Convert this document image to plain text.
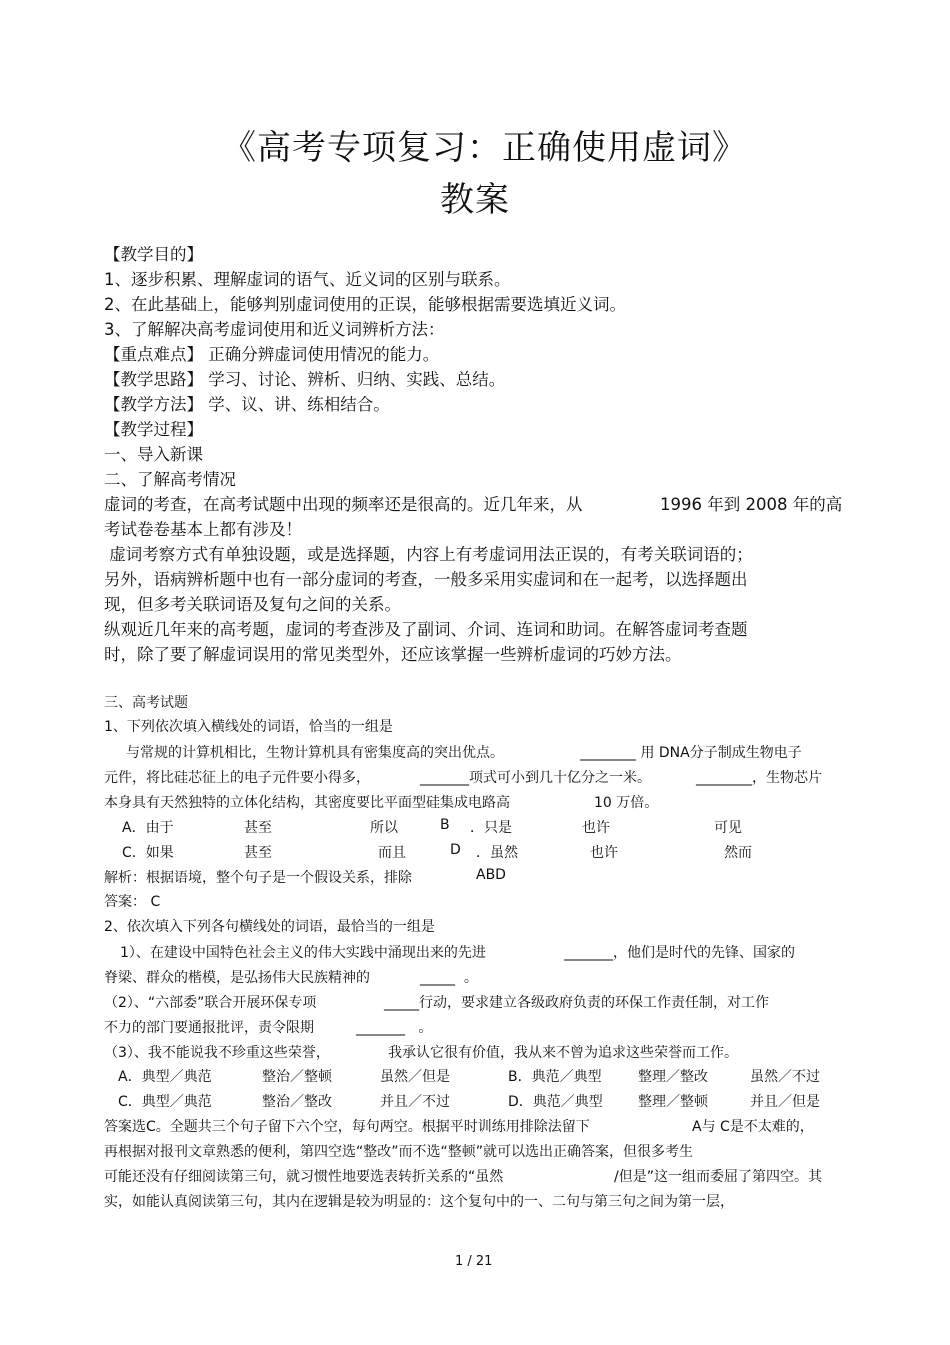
《高考专项复习：正确使用虚词》
教案
【教学目的】
1、逐步积累、理解虚词的语气、近义词的区别与联系。
2、在此基础上，能够判别虚词使用的正误，能够根据需要选填近义词。
3、了解解决高考虚词使用和近义词辨析方法：
【重点难点】 正确分辨虚词使用情况的能力。
【教学思路】 学习、讨论、辨析、归纳、实践、总结。
【教学方法】 学、议、讲、练相结合。
【教学过程】
一、导入新课
二、了解高考情况
虚词的考查，在高考试题中出现的频率还是很高的。近几年来，从	1996 年到 2008 年的高
考试卷卷基本上都有涉及！
虚词考察方式有单独设题，或是选择题，内容上有考虚词用法正误的，有考关联词语的；
另外，语病辨析题中也有一部分虚词的考查，一般多采用实虚词和在一起考，以选择题出
现，但多考关联词语及复句之间的关系。
纵观近几年来的高考题，虚词的考查涉及了副词、介词、连词和助词。在解答虚词考查题
时，除了要了解虚词误用的常见类型外，还应该掌握一些辨析虚词的巧妙方法。
三、高考试题
1、下列依次填入横线处的词语，恰当的一组是
与常规的计算机相比，生物计算机具有密集度高的突出优点。	________ 用 DNA分子制成生物电子
元件，将比硅芯征上的电子元件要小得多，	_______项式可小到几十亿分之一米。	________，生物芯片
本身具有天然独特的立体化结构，其密度要比平面型硅集成电路高	10 万倍。
A．由于	甚至	所以	B ．只是	也许	可见
C．如果	甚至	而且	D ．虽然	也许	然而
解析：根据语境，整个句子是一个假设关系，排除	ABD
答案： C
2、依次填入下列各句横线处的词语，最恰当的一组是
1）、在建设中国特色社会主义的伟大实践中涌现出来的先进	_______，他们是时代的先锋、国家的
脊梁、群众的楷模，是弘扬伟大民族精神的	_____  。
（2）、“六部委”联合开展环保专项	_____行动，要求建立各级政府负责的环保工作责任制，对工作
不力的部门要通报批评，责令限期	_______   。
（3）、我不能说我不珍重这些荣誉，	我承认它很有价值，我从来不曾为追求这些荣誉而工作。
A．典型／典范	整治／整顿	虽然／但是	B．典范／典型	整理／整改	虽然／不过
C．典型／典范	整治／整改	并且／不过	D．典范／典型	整理／整顿	并且／但是
答案选C。全题共三个句子留下六个空，每句两空。根据平时训练用排除法留下	A与 C是不太难的，
再根据对报刊文章熟悉的便利，第四空选“整改”而不选“整顿”就可以选出正确答案，但很多考生
可能还没有仔细阅读第三句，就习惯性地要选表转折关系的“虽然	/但是”这一组而委屈了第四空。其
实，如能认真阅读第三句，其内在逻辑是较为明显的：这个复句中的一、二句与第三句之间为第一层，
1 / 21
